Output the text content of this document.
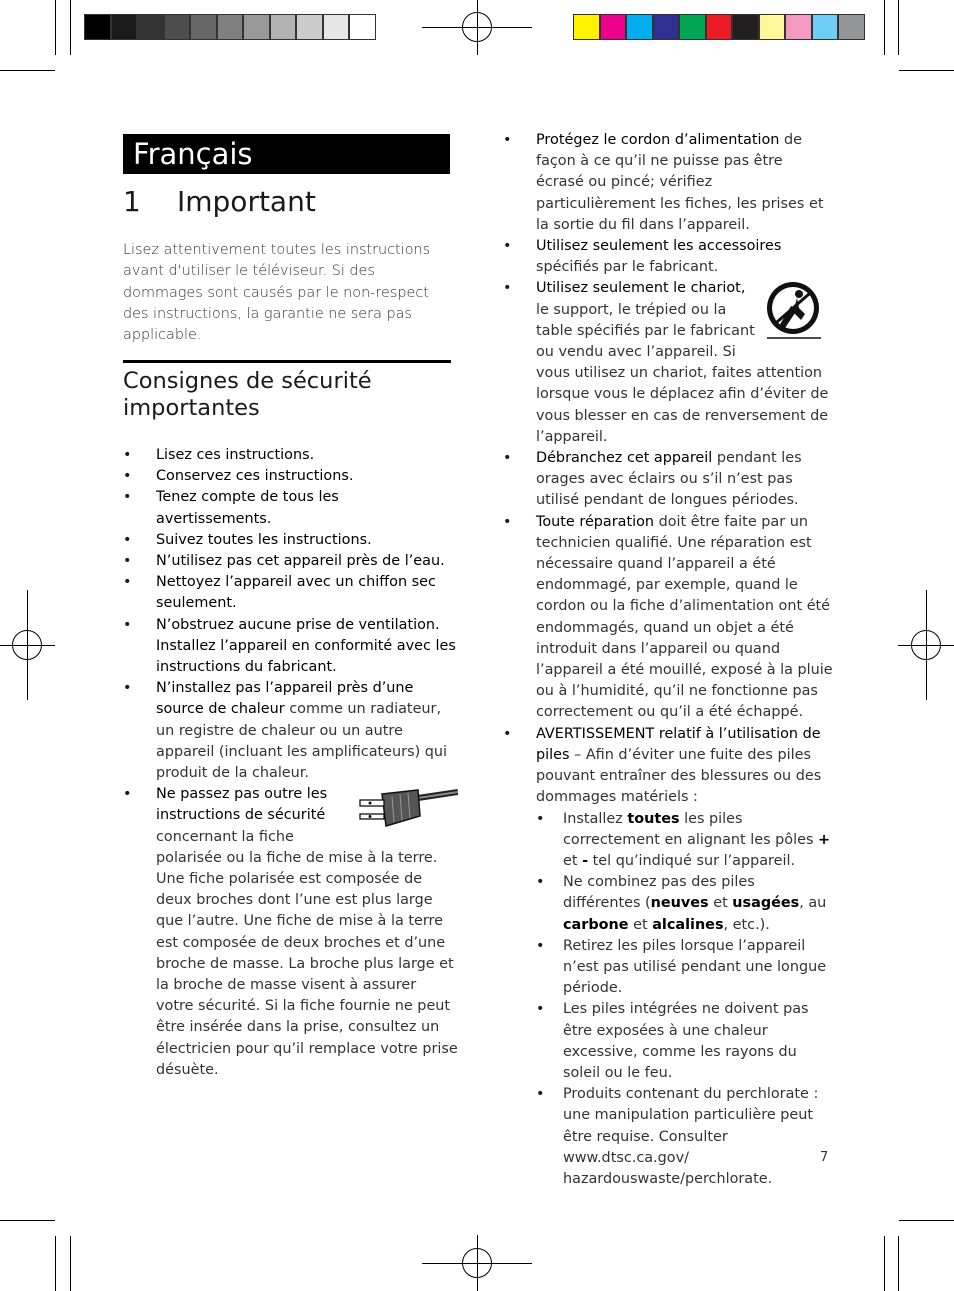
Français
1 Important
Lisez attentivement toutes les instructions avant d'utiliser le téléviseur. Si des dommages sont causés par le non-respect des instructions, la garantie ne sera pas applicable.
Consignes de sécurité importantes
• Lisez ces instructions.
• Conservez ces instructions.
• Tenez compte de tous les avertissements.
• Suivez toutes les instructions.
• N’utilisez pas cet appareil près de l’eau.
• Nettoyez l’appareil avec un chiffon sec seulement.
• N’obstruez aucune prise de ventilation. Installez l’appareil en conformité avec les instructions du fabricant.
• N’installez pas l’appareil près d’une source de chaleur comme un radiateur, un registre de chaleur ou un autre appareil (incluant les amplificateurs) qui produit de la chaleur.
• Ne passez pas outre les instructions de sécurité concernant la fiche polarisée ou la fiche de mise à la terre. Une fiche polarisée est composée de deux broches dont l’une est plus large que l’autre. Une fiche de mise à la terre est composée de deux broches et d’une broche de masse. La broche plus large et la broche de masse visent à assurer votre sécurité. Si la fiche fournie ne peut être insérée dans la prise, consultez un électricien pour qu’il remplace votre prise désuète.
• Protégez le cordon d’alimentation de façon à ce qu’il ne puisse pas être écrasé ou pincé; vérifiez particulièrement les fiches, les prises et la sortie du fil dans l’appareil.
• Utilisez seulement les accessoires spécifiés par le fabricant.
• Utilisez seulement le chariot, le support, le trépied ou la table spécifiés par le fabricant ou vendu avec l’appareil. Si vous utilisez un chariot, faites attention lorsque vous le déplacez afin d’éviter de vous blesser en cas de renversement de l’appareil.
• Débranchez cet appareil pendant les orages avec éclairs ou s’il n’est pas utilisé pendant de longues périodes.
• Toute réparation doit être faite par un technicien qualifié. Une réparation est nécessaire quand l’appareil a été endommagé, par exemple, quand le cordon ou la fiche d’alimentation ont été endommagés, quand un objet a été introduit dans l’appareil ou quand l’appareil a été mouillé, exposé à la pluie ou à l’humidité, qu’il ne fonctionne pas correctement ou qu’il a été échappé.
• AVERTISSEMENT relatif à l’utilisation de piles – Afin d’éviter une fuite des piles pouvant entraîner des blessures ou des dommages matériels :
• Installez toutes les piles correctement en alignant les pôles + et - tel qu’indiqué sur l’appareil.
• Ne combinez pas des piles différentes (neuves et usagées, au carbone et alcalines, etc.).
• Retirez les piles lorsque l’appareil n’est pas utilisé pendant une longue période.
• Les piles intégrées ne doivent pas être exposées à une chaleur excessive, comme les rayons du soleil ou le feu.
• Produits contenant du perchlorate : une manipulation particulière peut être requise. Consulter www.dtsc.ca.gov/ hazardouswaste/perchlorate.
7
